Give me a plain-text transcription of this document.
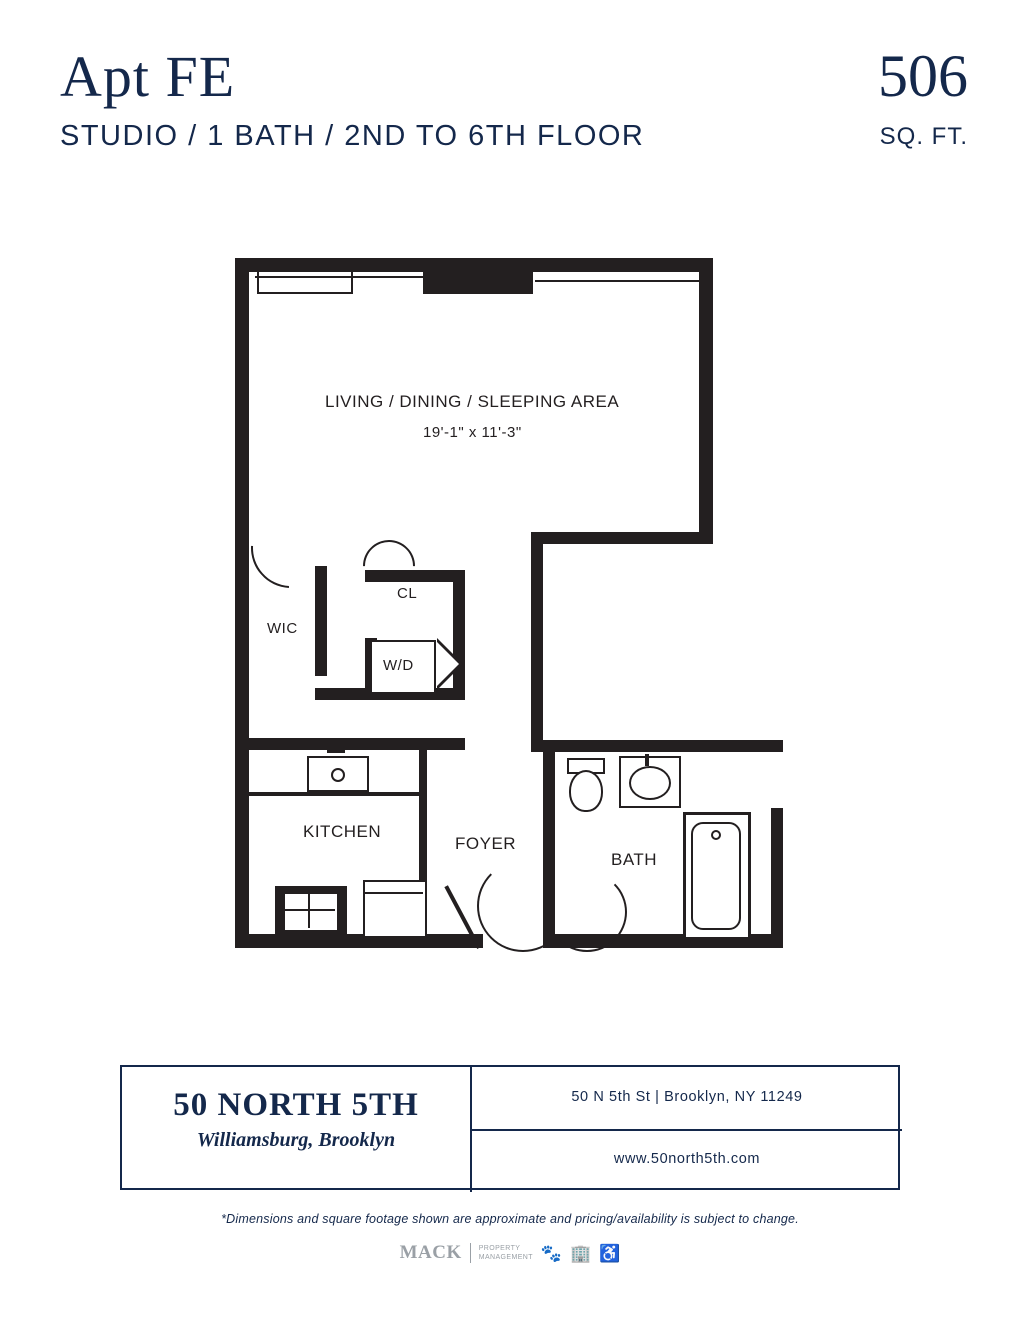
Apt FE
STUDIO / 1 BATH / 2ND TO 6TH FLOOR
506
SQ. FT.
LIVING / DINING / SLEEPING AREA
19'-1" x 11'-3"
WIC
CL
W/D
KITCHEN
FOYER
BATH
50 NORTH 5TH
Williamsburg, Brooklyn
50 N 5th St | Brooklyn, NY 11249
www.50north5th.com
*Dimensions and square footage shown are approximate and pricing/availability is subject to change.
MACK PROPERTY
MANAGEMENT 🐾 🏢 ♿
